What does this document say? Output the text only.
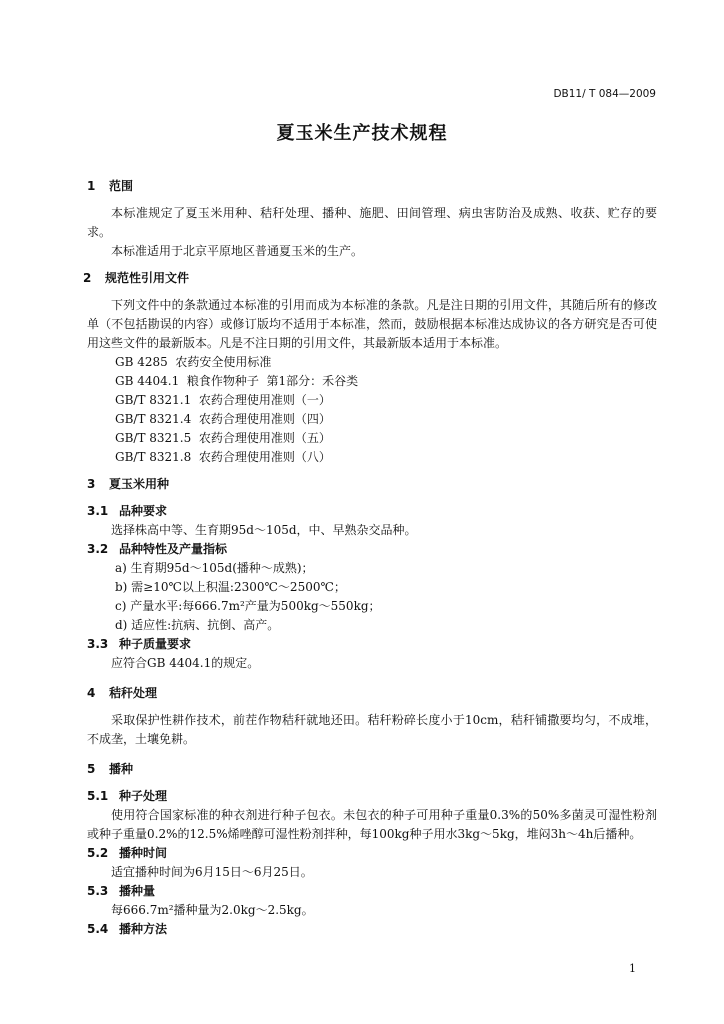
DB11/ T 084—2009
夏玉米生产技术规程
1 范围

本标准规定了夏玉米用种、秸秆处理、播种、施肥、田间管理、病虫害防治及成熟、收获、贮存的要求。

本标准适用于北京平原地区普通夏玉米的生产。

2 规范性引用文件

下列文件中的条款通过本标准的引用而成为本标准的条款。凡是注日期的引用文件，其随后所有的修改单（不包括勘误的内容）或修订版均不适用于本标准，然而，鼓励根据本标准达成协议的各方研究是否可使用这些文件的最新版本。凡是不注日期的引用文件，其最新版本适用于本标准。

GB 4285  农药安全使用标准

GB 4404.1  粮食作物种子  第1部分：禾谷类

GB/T 8321.1  农药合理使用准则（一）

GB/T 8321.4  农药合理使用准则（四）

GB/T 8321.5  农药合理使用准则（五）

GB/T 8321.8  农药合理使用准则（八）

3 夏玉米用种
3.1 品种要求

选择株高中等、生育期95d～105d，中、早熟杂交品种。

3.2 品种特性及产量指标

a) 生育期95d～105d(播种～成熟)；

b) 需≥10℃以上积温:2300℃～2500℃；

c) 产量水平:每666.7m²产量为500kg～550kg；

d) 适应性:抗病、抗倒、高产。

3.3 种子质量要求

应符合GB 4404.1的规定。

4 秸秆处理

采取保护性耕作技术，前茬作物秸秆就地还田。秸秆粉碎长度小于10cm，秸秆铺撒要均匀，不成堆，不成垄，土壤免耕。

5 播种
5.1 种子处理

使用符合国家标准的种衣剂进行种子包衣。未包衣的种子可用种子重量0.3%的50%多菌灵可湿性粉剂或种子重量0.2%的12.5%烯唑醇可湿性粉剂拌种，每100kg种子用水3kg～5kg，堆闷3h～4h后播种。

5.2 播种时间

适宜播种时间为6月15日～6月25日。

5.3 播种量

每666.7m²播种量为2.0kg～2.5kg。

5.4 播种方法
1
